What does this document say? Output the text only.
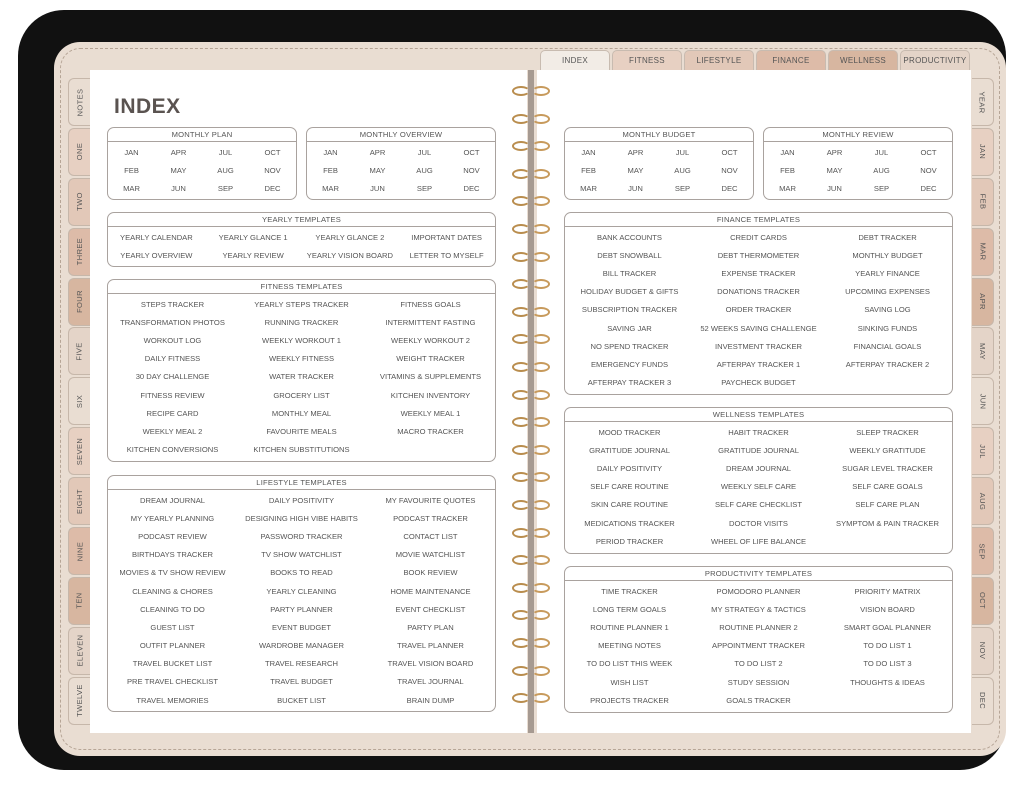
INDEX	FITNESS	LIFESTYLE	FINANCE	WELLNESS	PRODUCTIVITY
NOTES
ONE
TWO
THREE
FOUR
FIVE
SIX
SEVEN
EIGHT
NINE
TEN
ELEVEN
TWELVE
YEAR
JAN
FEB
MAR
APR
MAY
JUN
JUL
AUG
SEP
OCT
NOV
DEC
INDEX
MONTHLY PLAN
JAN	APR	JUL	OCT
FEB	MAY	AUG	NOV
MAR	JUN	SEP	DEC
MONTHLY OVERVIEW
JAN	APR	JUL	OCT
FEB	MAY	AUG	NOV
MAR	JUN	SEP	DEC
YEARLY TEMPLATES
YEARLY CALENDAR	YEARLY GLANCE 1	YEARLY GLANCE 2	IMPORTANT DATES
YEARLY OVERVIEW	YEARLY REVIEW	YEARLY VISION BOARD	LETTER TO MYSELF
FITNESS TEMPLATES
STEPS TRACKER	YEARLY STEPS TRACKER	FITNESS GOALS
TRANSFORMATION PHOTOS	RUNNING TRACKER	INTERMITTENT FASTING
WORKOUT LOG	WEEKLY WORKOUT 1	WEEKLY WORKOUT 2
DAILY FITNESS	WEEKLY FITNESS	WEIGHT TRACKER
30 DAY CHALLENGE	WATER TRACKER	VITAMINS & SUPPLEMENTS
FITNESS REVIEW	GROCERY LIST	KITCHEN INVENTORY
RECIPE CARD	MONTHLY MEAL	WEEKLY MEAL 1
WEEKLY MEAL 2	FAVOURITE MEALS	MACRO TRACKER
KITCHEN CONVERSIONS	KITCHEN SUBSTITUTIONS
LIFESTYLE TEMPLATES
DREAM JOURNAL	DAILY POSITIVITY	MY FAVOURITE QUOTES
MY YEARLY PLANNING	DESIGNING HIGH VIBE HABITS	PODCAST TRACKER
PODCAST REVIEW	PASSWORD TRACKER	CONTACT LIST
BIRTHDAYS TRACKER	TV SHOW WATCHLIST	MOVIE WATCHLIST
MOVIES & TV SHOW REVIEW	BOOKS TO READ	BOOK REVIEW
CLEANING & CHORES	YEARLY CLEANING	HOME MAINTENANCE
CLEANING TO DO	PARTY PLANNER	EVENT CHECKLIST
GUEST LIST	EVENT BUDGET	PARTY PLAN
OUTFIT PLANNER	WARDROBE MANAGER	TRAVEL PLANNER
TRAVEL BUCKET LIST	TRAVEL RESEARCH	TRAVEL VISION BOARD
PRE TRAVEL CHECKLIST	TRAVEL BUDGET	TRAVEL JOURNAL
TRAVEL MEMORIES	BUCKET LIST	BRAIN DUMP
MONTHLY BUDGET
JAN	APR	JUL	OCT
FEB	MAY	AUG	NOV
MAR	JUN	SEP	DEC
MONTHLY REVIEW
JAN	APR	JUL	OCT
FEB	MAY	AUG	NOV
MAR	JUN	SEP	DEC
FINANCE TEMPLATES
BANK ACCOUNTS	CREDIT CARDS	DEBT TRACKER
DEBT SNOWBALL	DEBT THERMOMETER	MONTHLY BUDGET
BILL TRACKER	EXPENSE TRACKER	YEARLY FINANCE
HOLIDAY BUDGET & GIFTS	DONATIONS TRACKER	UPCOMING EXPENSES
SUBSCRIPTION TRACKER	ORDER TRACKER	SAVING LOG
SAVING JAR	52 WEEKS SAVING CHALLENGE	SINKING FUNDS
NO SPEND TRACKER	INVESTMENT TRACKER	FINANCIAL GOALS
EMERGENCY FUNDS	AFTERPAY TRACKER 1	AFTERPAY TRACKER 2
AFTERPAY TRACKER 3	PAYCHECK BUDGET
WELLNESS TEMPLATES
MOOD TRACKER	HABIT TRACKER	SLEEP TRACKER
GRATITUDE JOURNAL	GRATITUDE JOURNAL	WEEKLY GRATITUDE
DAILY POSITIVITY	DREAM JOURNAL	SUGAR LEVEL TRACKER
SELF CARE ROUTINE	WEEKLY SELF CARE	SELF CARE GOALS
SKIN CARE ROUTINE	SELF CARE CHECKLIST	SELF CARE PLAN
MEDICATIONS TRACKER	DOCTOR VISITS	SYMPTOM & PAIN TRACKER
PERIOD TRACKER	WHEEL OF LIFE BALANCE
PRODUCTIVITY TEMPLATES
TIME TRACKER	POMODORO PLANNER	PRIORITY MATRIX
LONG TERM GOALS	MY STRATEGY & TACTICS	VISION BOARD
ROUTINE PLANNER 1	ROUTINE PLANNER 2	SMART GOAL PLANNER
MEETING NOTES	APPOINTMENT TRACKER	TO DO LIST 1
TO DO LIST THIS WEEK	TO DO LIST 2	TO DO LIST 3
WISH LIST	STUDY SESSION	THOUGHTS & IDEAS
PROJECTS TRACKER	GOALS TRACKER
